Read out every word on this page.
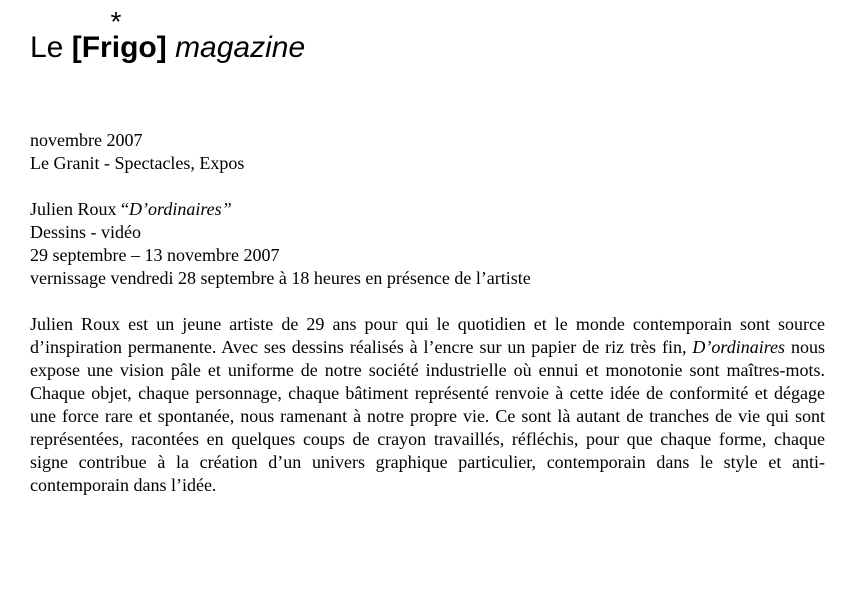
Le [Fr
*
igo] magazine

novembre 2007

Le Granit - Spectacles, Expos

Julien Roux “D’ordinaires”

Dessins - vidéo

29 septembre – 13 novembre 2007

vernissage vendredi 28 septembre à 18 heures en présence de l’artiste

Julien Roux est un jeune artiste de 29 ans pour qui le quotidien et le monde contemporain sont source d’inspiration permanente. Avec ses dessins réalisés à l’encre sur un papier de riz très fin, D’ordinaires nous expose une vision pâle et uniforme de notre société industrielle où ennui et monotonie sont maîtres-mots. Chaque objet, chaque personnage, chaque bâtiment représenté renvoie à cette idée de conformité et dégage une force rare et spontanée, nous ramenant à notre propre vie. Ce sont là autant de tranches de vie qui sont représentées, racontées en quelques coups de crayon travaillés, réfléchis, pour que chaque forme, chaque signe contribue à la création d’un univers graphique particulier, contemporain dans le style et anti-contemporain dans l’idée.
